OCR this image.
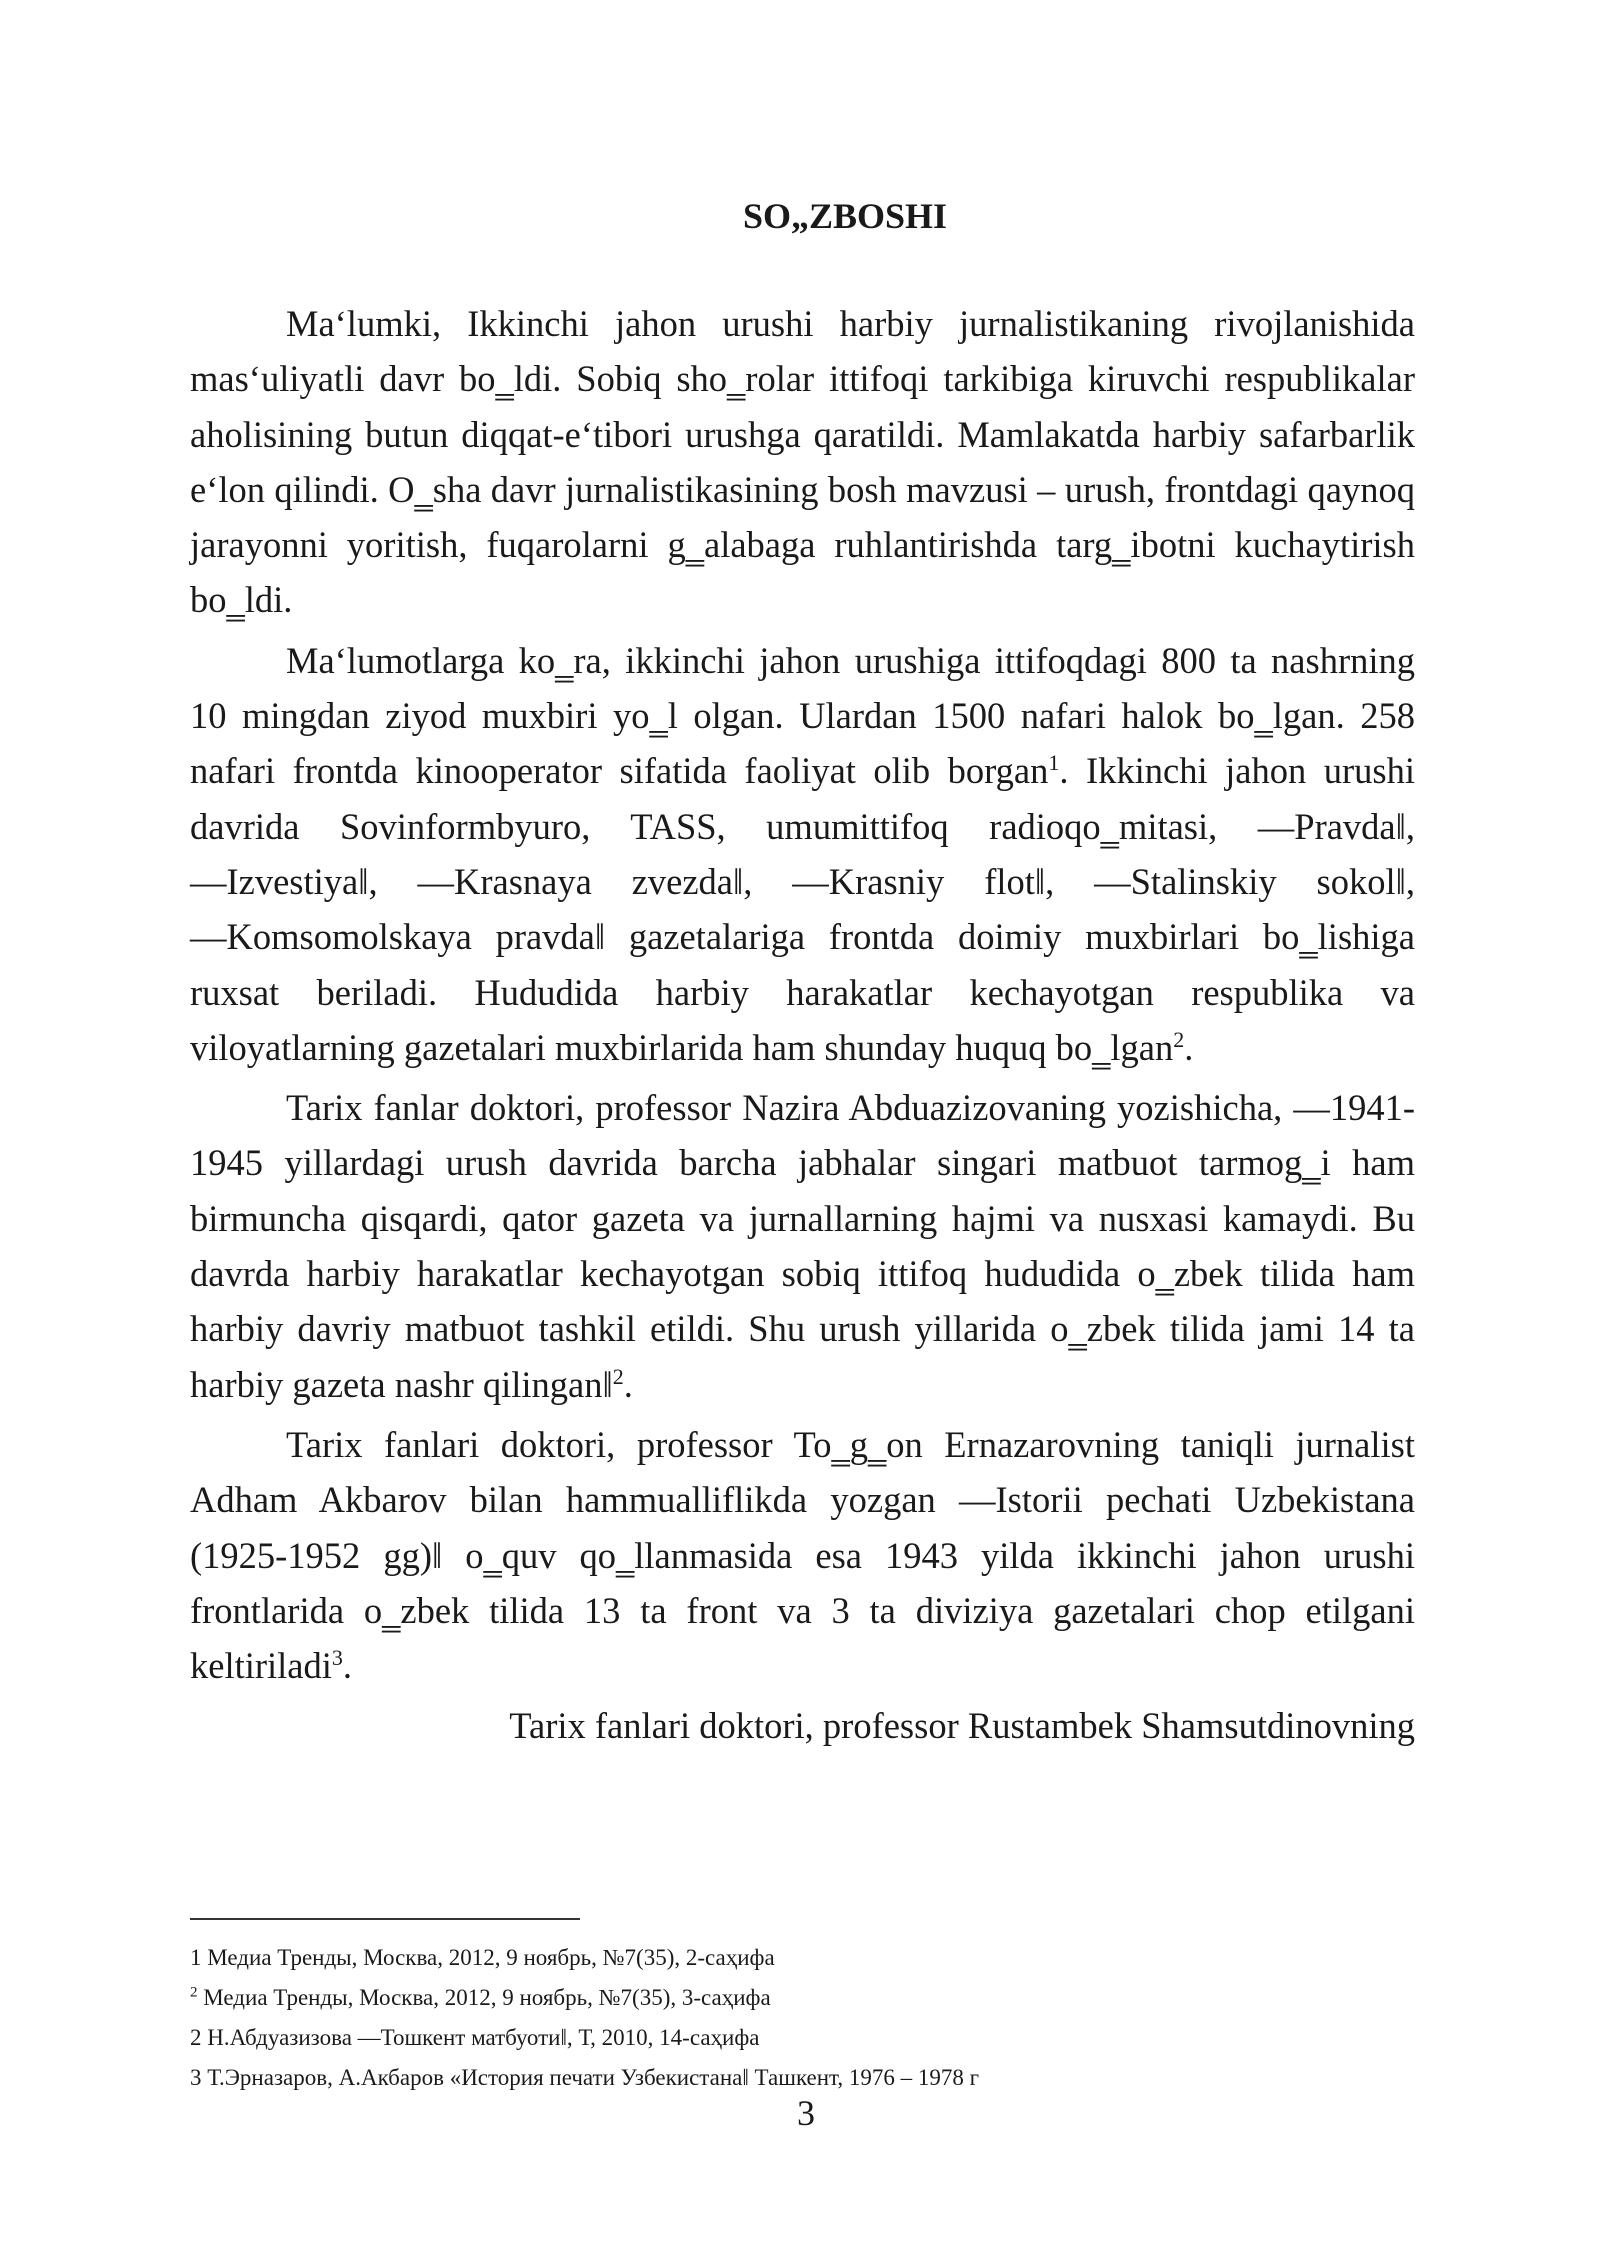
SO„ZBOSHI

Maʻlumki, Ikkinchi jahon urushi harbiy jurnalistikaning rivojlanishida masʻuliyatli davr bo‗ldi. Sobiq sho‗rolar ittifoqi tarkibiga kiruvchi respublikalar aholisining butun diqqat-eʻtibori urushga qaratildi. Mamlakatda harbiy safarbarlik eʻlon qilindi. O‗sha davr jurnalistikasining bosh mavzusi – urush, frontdagi qaynoq jarayonni yoritish, fuqarolarni g‗alabaga ruhlantirishda targ‗ibotni kuchaytirish bo‗ldi.

Maʻlumotlarga ko‗ra, ikkinchi jahon urushiga ittifoqdagi 800 ta nashrning 10 mingdan ziyod muxbiri yo‗l olgan. Ulardan 1500 nafari halok bo‗lgan. 258 nafari frontda kinooperator sifatida faoliyat olib borgan$^1$. Ikkinchi jahon urushi davrida Sovinformbyuro, TASS, umumittifoq radioqo‗mitasi, ―Pravda‖, ―Izvestiya‖, ―Krasnaya zvezda‖, ―Krasniy flot‖, ―Stalinskiy sokol‖, ―Komsomolskaya pravda‖ gazetalariga frontda doimiy muxbirlari bo‗lishiga ruxsat beriladi. Hududida harbiy harakatlar kechayotgan respublika va viloyatlarning gazetalari muxbirlarida ham shunday huquq bo‗lgan$^2$.

Tarix fanlar doktori, professor Nazira Abduazizovaning yozishicha, ―1941-1945 yillardagi urush davrida barcha jabhalar singari matbuot tarmog‗i ham birmuncha qisqardi, qator gazeta va jurnallarning hajmi va nusxasi kamaydi. Bu davrda harbiy harakatlar kechayotgan sobiq ittifoq hududida o‗zbek tilida ham harbiy davriy matbuot tashkil etildi. Shu urush yillarida o‗zbek tilida jami 14 ta harbiy gazeta nashr qilingan‖$^2$.

Tarix fanlari doktori, professor To‗g‗on Ernazarovning taniqli jurnalist Adham Akbarov bilan hammualliflikda yozgan ―Istorii pechati Uzbekistana (1925-1952 gg)‖ o‗quv qo‗llanmasida esa 1943 yilda ikkinchi jahon urushi frontlarida o‗zbek tilida 13 ta front va 3 ta diviziya gazetalari chop etilgani keltiriladi$^3$.

Tarix fanlari doktori, professor Rustambek Shamsutdinovning

1 Медиа Тренды, Москва, 2012, 9 ноябрь, №7(35), 2-саҳифа

$^2$ Медиа Тренды, Москва, 2012, 9 ноябрь, №7(35), 3-саҳифа

2 Н.Абдуазизова ―Тошкент матбуоти‖, Т, 2010, 14-саҳифа

3 Т.Эрназаров, А.Акбаров «История печати Узбекистана‖ Ташкент, 1976 – 1978 г

3
